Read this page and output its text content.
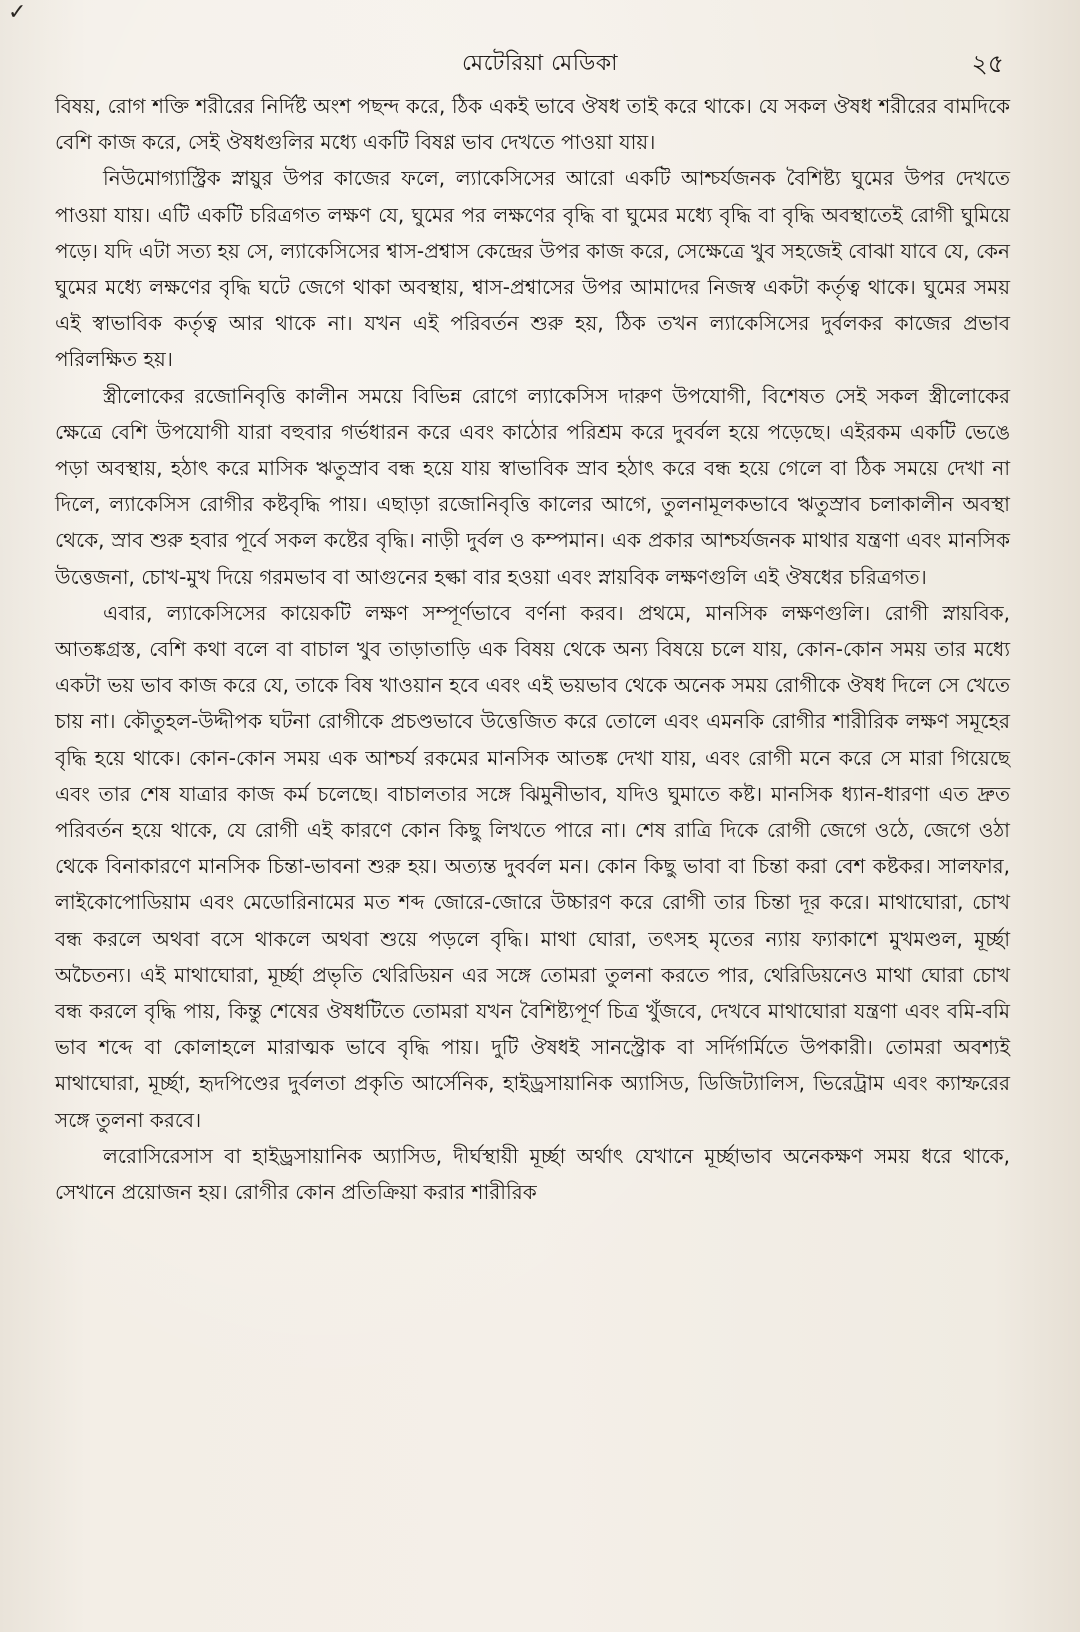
✓
মেটেরিয়া মেডিকা	২৫

বিষয়, রোগ শক্তি শরীরের নির্দিষ্ট অংশ পছন্দ করে, ঠিক একই ভাবে ঔষধ তাই করে থাকে। যে সকল ঔষধ শরীরের বামদিকে বেশি কাজ করে, সেই ঔষধগুলির মধ্যে একটি বিষণ্ণ ভাব দেখতে পাওয়া যায়।

নিউমোগ্যাস্ট্রিক স্নায়ুর উপর কাজের ফলে, ল্যাকেসিসের আরো একটি আশ্চর্যজনক বৈশিষ্ট্য ঘুমের উপর দেখতে পাওয়া যায়। এটি একটি চরিত্রগত লক্ষণ যে, ঘুমের পর লক্ষণের বৃদ্ধি বা ঘুমের মধ্যে বৃদ্ধি বা বৃদ্ধি অবস্থাতেই রোগী ঘুমিয়ে পড়ে। যদি এটা সত্য হয় সে, ল্যাকেসিসের শ্বাস-প্রশ্বাস কেন্দ্রের উপর কাজ করে, সেক্ষেত্রে খুব সহজেই বোঝা যাবে যে, কেন ঘুমের মধ্যে লক্ষণের বৃদ্ধি ঘটে জেগে থাকা অবস্থায়, শ্বাস-প্রশ্বাসের উপর আমাদের নিজস্ব একটা কর্তৃত্ব থাকে। ঘুমের সময় এই স্বাভাবিক কর্তৃত্ব আর থাকে না। যখন এই পরিবর্তন শুরু হয়, ঠিক তখন ল্যাকেসিসের দুর্বলকর কাজের প্রভাব পরিলক্ষিত হয়।

স্ত্রীলোকের রজোনিবৃত্তি কালীন সময়ে বিভিন্ন রোগে ল্যাকেসিস দারুণ উপযোগী, বিশেষত সেই সকল স্ত্রীলোকের ক্ষেত্রে বেশি উপযোগী যারা বহুবার গর্ভধারন করে এবং কাঠোর পরিশ্রম করে দুবর্বল হয়ে পড়েছে। এইরকম একটি ভেঙে পড়া অবস্থায়, হঠাৎ করে মাসিক ঋতুস্রাব বন্ধ হয়ে যায় স্বাভাবিক স্রাব হঠাৎ করে বন্ধ হয়ে গেলে বা ঠিক সময়ে দেখা না দিলে, ল্যাকেসিস রোগীর কষ্টবৃদ্ধি পায়। এছাড়া রজোনিবৃত্তি কালের আগে, তুলনামূলকভাবে ঋতুস্রাব চলাকালীন অবস্থা থেকে, স্রাব শুরু হবার পূর্বে সকল কষ্টের বৃদ্ধি। নাড়ী দুর্বল ও কম্পমান। এক প্রকার আশ্চর্যজনক মাথার যন্ত্রণা এবং মানসিক উত্তেজনা, চোখ-মুখ দিয়ে গরমভাব বা আগুনের হল্কা বার হওয়া এবং স্নায়বিক লক্ষণগুলি এই ঔষধের চরিত্রগত।

এবার, ল্যাকেসিসের কায়েকটি লক্ষণ সম্পূর্ণভাবে বর্ণনা করব। প্রথমে, মানসিক লক্ষণগুলি। রোগী স্নায়বিক, আতঙ্কগ্রস্ত, বেশি কথা বলে বা বাচাল খুব তাড়াতাড়ি এক বিষয় থেকে অন্য বিষয়ে চলে যায়, কোন-কোন সময় তার মধ্যে একটা ভয় ভাব কাজ করে যে, তাকে বিষ খাওয়ান হবে এবং এই ভয়ভাব থেকে অনেক সময় রোগীকে ঔষধ দিলে সে খেতে চায় না। কৌতুহল-উদ্দীপক ঘটনা রোগীকে প্রচণ্ডভাবে উত্তেজিত করে তোলে এবং এমনকি রোগীর শারীরিক লক্ষণ সমূহের বৃদ্ধি হয়ে থাকে। কোন-কোন সময় এক আশ্চর্য রকমের মানসিক আতঙ্ক দেখা যায়, এবং রোগী মনে করে সে মারা গিয়েছে এবং তার শেষ যাত্রার কাজ কর্ম চলেছে। বাচালতার সঙ্গে ঝিমুনীভাব, যদিও ঘুমাতে কষ্ট। মানসিক ধ্যান-ধারণা এত দ্রুত পরিবর্তন হয়ে থাকে, যে রোগী এই কারণে কোন কিছু লিখতে পারে না। শেষ রাত্রি দিকে রোগী জেগে ওঠে, জেগে ওঠা থেকে বিনাকারণে মানসিক চিন্তা-ভাবনা শুরু হয়। অত্যন্ত দুবর্বল মন। কোন কিছু ভাবা বা চিন্তা করা বেশ কষ্টকর। সালফার, লাইকোপোডিয়াম এবং মেডোরিনামের মত শব্দ জোরে-জোরে উচ্চারণ করে রোগী তার চিন্তা দূর করে। মাথাঘোরা, চোখ বন্ধ করলে অথবা বসে থাকলে অথবা শুয়ে পড়লে বৃদ্ধি। মাথা ঘোরা, তৎসহ মৃতের ন্যায় ফ্যাকাশে মুখমণ্ডল, মূর্চ্ছা অচৈতন্য। এই মাথাঘোরা, মূর্চ্ছা প্রভৃতি থেরিডিয়ন এর সঙ্গে তোমরা তুলনা করতে পার, থেরিডিয়নেও মাথা ঘোরা চোখ বন্ধ করলে বৃদ্ধি পায়, কিন্তু শেষের ঔষধটিতে তোমরা যখন বৈশিষ্ট্যপূর্ণ চিত্র খুঁজবে, দেখবে মাথাঘোরা যন্ত্রণা এবং বমি-বমি ভাব শব্দে বা কোলাহলে মারাত্মক ভাবে বৃদ্ধি পায়। দুটি ঔষধই সানস্ট্রোক বা সর্দিগর্মিতে উপকারী। তোমরা অবশ্যই মাথাঘোরা, মূর্চ্ছা, হৃদপিণ্ডের দুর্বলতা প্রকৃতি আর্সেনিক, হাইড্রসায়ানিক অ্যাসিড, ডিজিট্যালিস, ভিরেট্রাম এবং ক্যাম্ফরের সঙ্গে তুলনা করবে।

লরোসিরেসাস বা হাইড্রসায়ানিক অ্যাসিড, দীর্ঘস্থায়ী মূর্চ্ছা অর্থাৎ যেখানে মূর্চ্ছাভাব অনেকক্ষণ সময় ধরে থাকে, সেখানে প্রয়োজন হয়। রোগীর কোন প্রতিক্রিয়া করার শারীরিক
